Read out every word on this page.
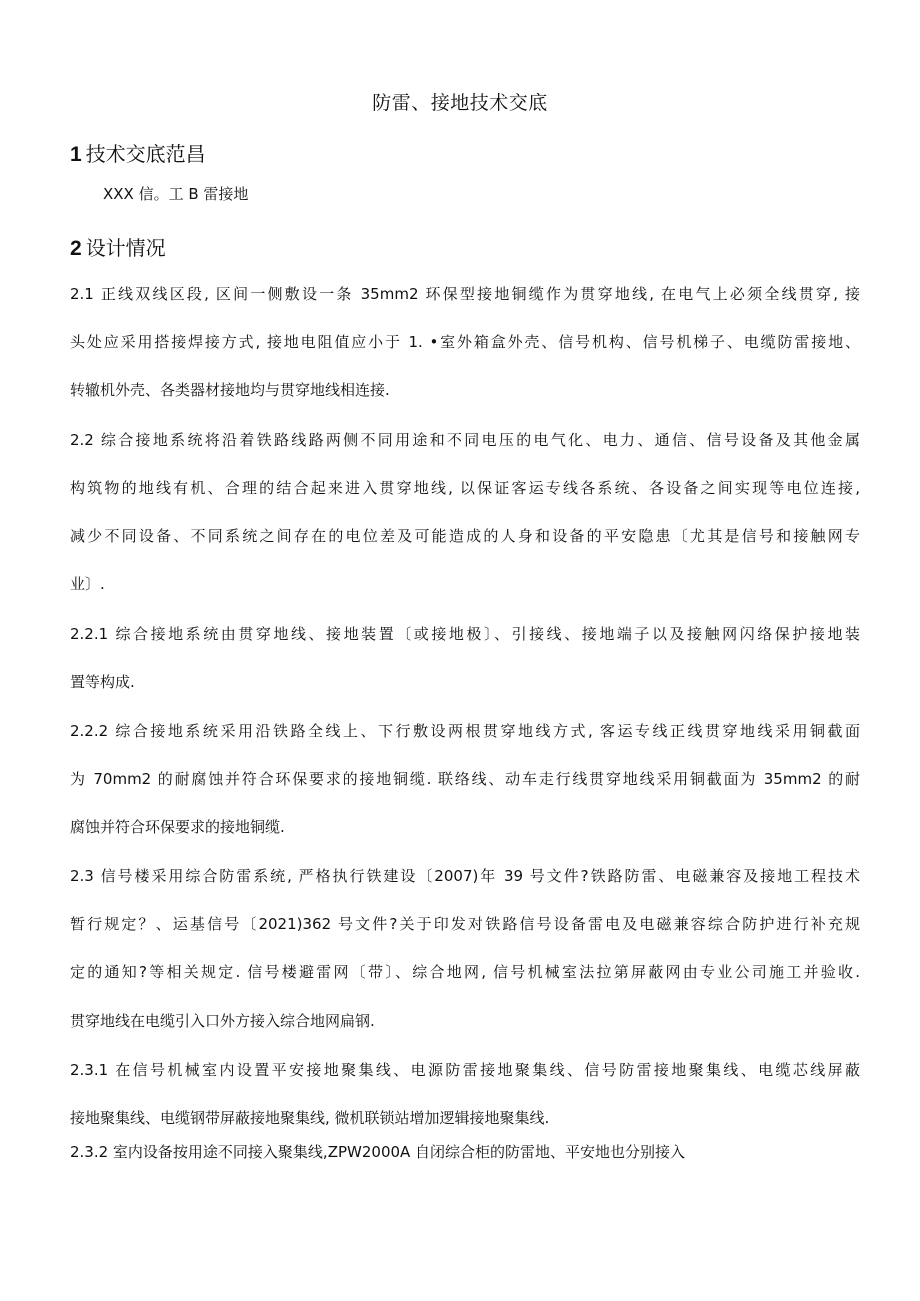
防雷、接地技术交底
1 技术交底范昌
XXX 信。工 B 雷接地
2 设计情况
2.1 正线双线区段, 区间一侧敷设一条 35mm2 环保型接地铜缆作为贯穿地线, 在电气上必须全线贯穿, 接
头处应采用搭接焊接方式, 接地电阻值应小于 1. •室外箱盒外壳、信号机构、信号机梯子、电缆防雷接地、
转辙机外壳、各类器材接地均与贯穿地线相连接.
2.2 综合接地系统将沿着铁路线路两侧不同用途和不同电压的电气化、电力、通信、信号设备及其他金属
构筑物的地线有机、合理的结合起来进入贯穿地线, 以保证客运专线各系统、各设备之间实现等电位连接,
减少不同设备、不同系统之间存在的电位差及可能造成的人身和设备的平安隐患〔尤其是信号和接触网专
业〕.
2.2.1 综合接地系统由贯穿地线、接地装置〔或接地极〕、引接线、接地端子以及接触网闪络保护接地装
置等构成.
2.2.2 综合接地系统采用沿铁路全线上、下行敷设两根贯穿地线方式, 客运专线正线贯穿地线采用铜截面
为 70mm2 的耐腐蚀并符合环保要求的接地铜缆. 联络线、动车走行线贯穿地线采用铜截面为 35mm2 的耐
腐蚀并符合环保要求的接地铜缆.
2.3 信号楼采用综合防雷系统, 严格执行铁建设〔2007)年 39 号文件?铁路防雷、电磁兼容及接地工程技术
暂行规定？、运基信号〔2021)362 号文件?关于印发对铁路信号设备雷电及电磁兼容综合防护进行补充规
定的通知?等相关规定. 信号楼避雷网〔带〕、综合地网, 信号机械室法拉第屏蔽网由专业公司施工并验收.
贯穿地线在电缆引入口外方接入综合地网扁钢.
2.3.1 在信号机械室内设置平安接地聚集线、电源防雷接地聚集线、信号防雷接地聚集线、电缆芯线屏蔽
接地聚集线、电缆钢带屏蔽接地聚集线, 微机联锁站增加逻辑接地聚集线.
2.3.2 室内设备按用途不同接入聚集线,ZPW2000A 自闭综合柜的防雷地、平安地也分别接入
